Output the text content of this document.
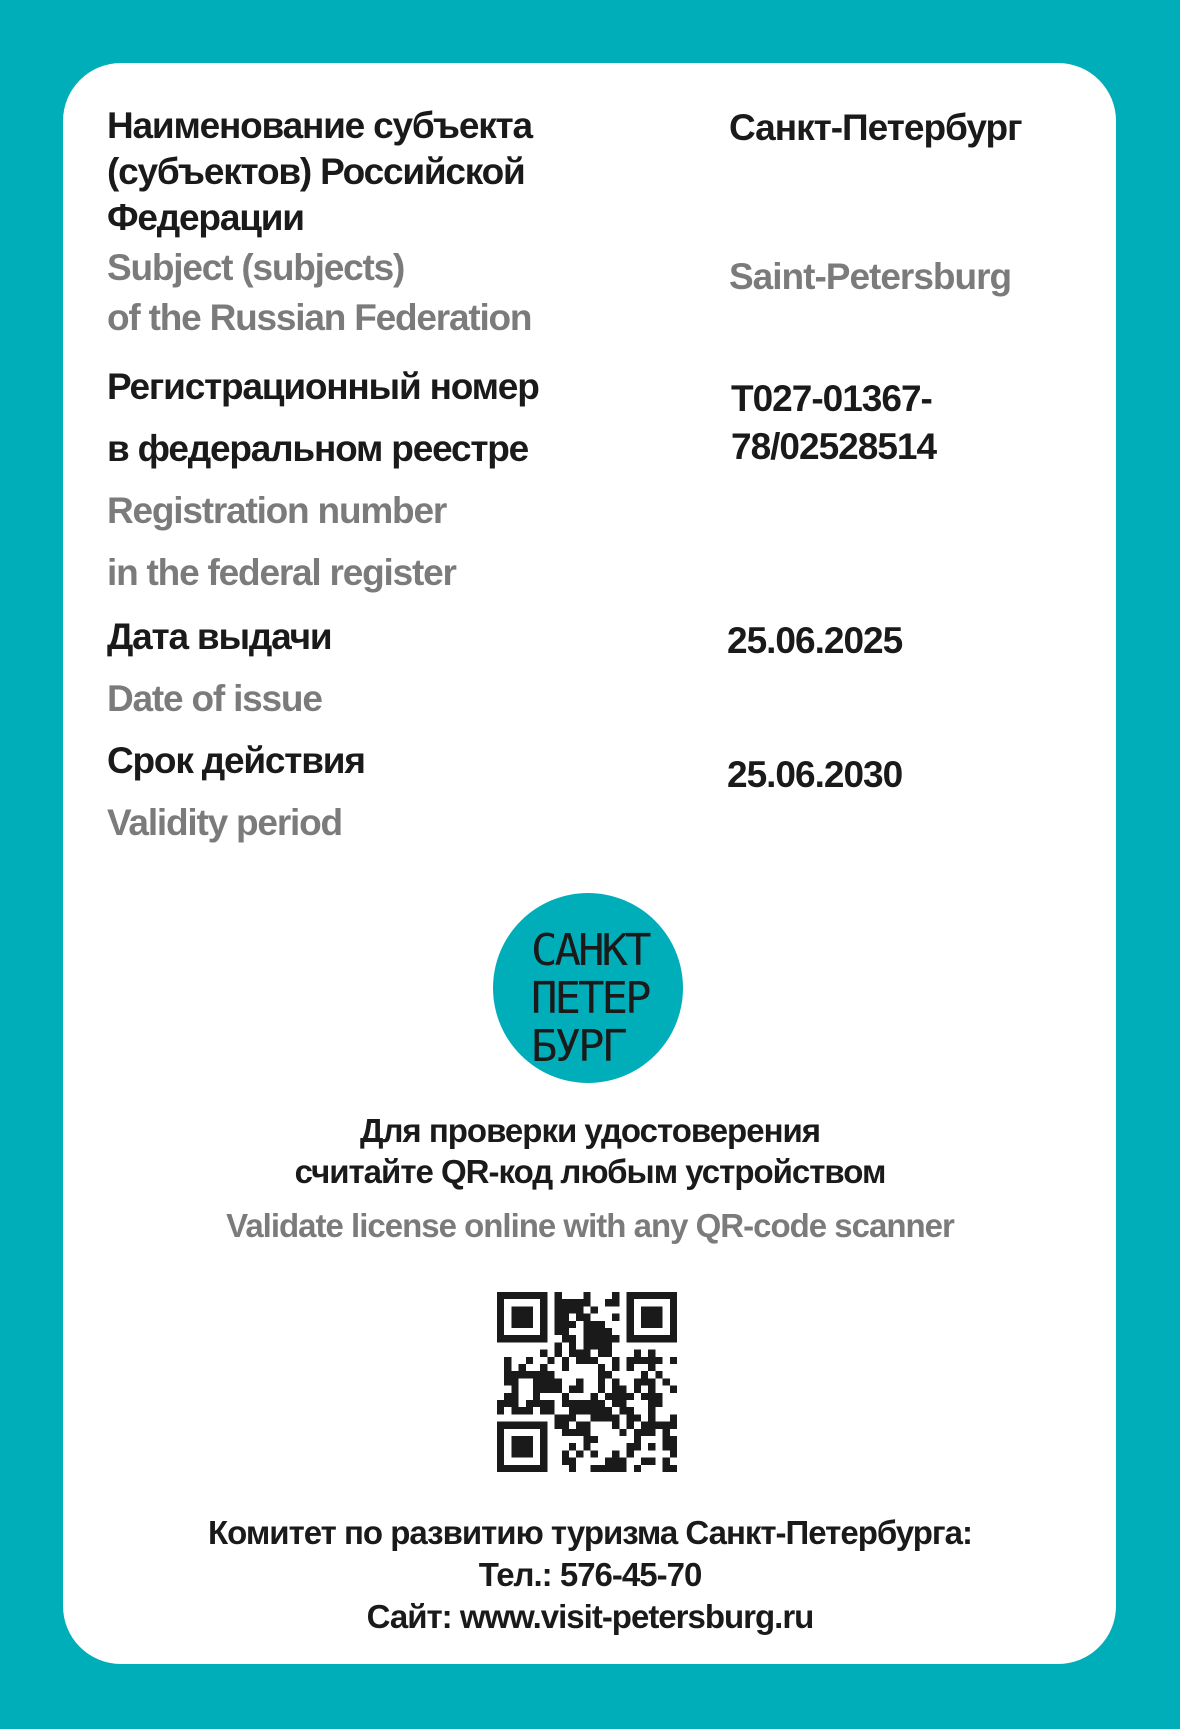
Наименование субъекта
(субъектов) Российской
Федерации
Subject (subjects)
of the Russian Federation
Санкт-Петербург
Saint-Petersburg
Регистрационный номер
в федеральном реестре
Registration number
in the federal register
Т027-01367-
78/02528514
Дата выдачи
Date of issue
25.06.2025
Срок действия
Validity period
25.06.2030
САНКТ
ПЕТЕР
БУРГ
Для проверки удостоверения
считайте QR-код любым устройством
Validate license online with any QR-code scanner
Комитет по развитию туризма Санкт-Петербурга:
Тел.: 576-45-70
Сайт: www.visit-petersburg.ru
